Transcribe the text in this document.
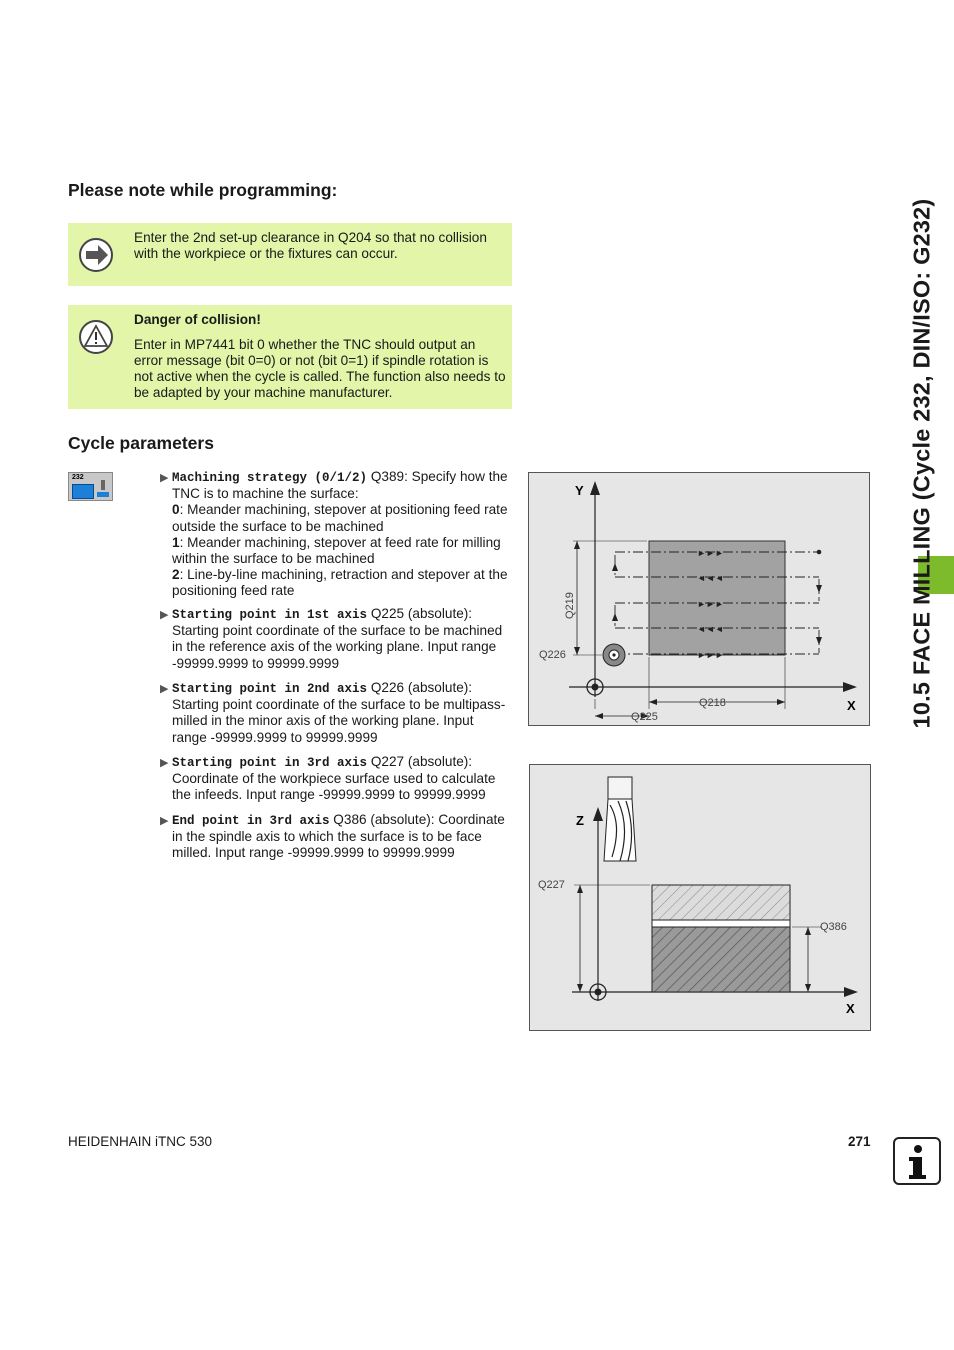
Please note while programming:
Enter the 2nd set-up clearance in Q204 so that no collision with the workpiece or the fixtures can occur.
Danger of collision!
Enter in MP7441 bit 0 whether the TNC should output an error message (bit 0=0) or not (bit 0=1) if spindle rotation is not active when the cycle is called. The function also needs to be adapted by your machine manufacturer.
Cycle parameters
232	▶ Machining strategy (0/1/2) Q389: Specify how the TNC is to machine the surface:
0: Meander machining, stepover at positioning feed rate outside the surface to be machined
1: Meander machining, stepover at feed rate for milling within the surface to be machined
2: Line-by-line machining, retraction and stepover at the positioning feed rate
▶ Starting point in 1st axis Q225 (absolute): Starting point coordinate of the surface to be machined in the reference axis of the working plane. Input range -99999.9999 to 99999.9999
▶ Starting point in 2nd axis Q226 (absolute): Starting point coordinate of the surface to be multipass-milled in the minor axis of the working plane. Input range -99999.9999 to 99999.9999
▶ Starting point in 3rd axis Q227 (absolute): Coordinate of the workpiece surface used to calculate the infeeds. Input range -99999.9999 to 99999.9999
▶ End point in 3rd axis Q386 (absolute): Coordinate in the spindle axis to which the surface is to be face milled. Input range -99999.9999 to 99999.9999
Y
X
►►►
◄◄◄
►►►
◄◄◄
►►►
Q219
Q226
Q218
Q225
Z
X
Q227
Q386
10.5 FACE MILLING (Cycle 232, DIN/ISO: G232)
HEIDENHAIN iTNC 530	271
